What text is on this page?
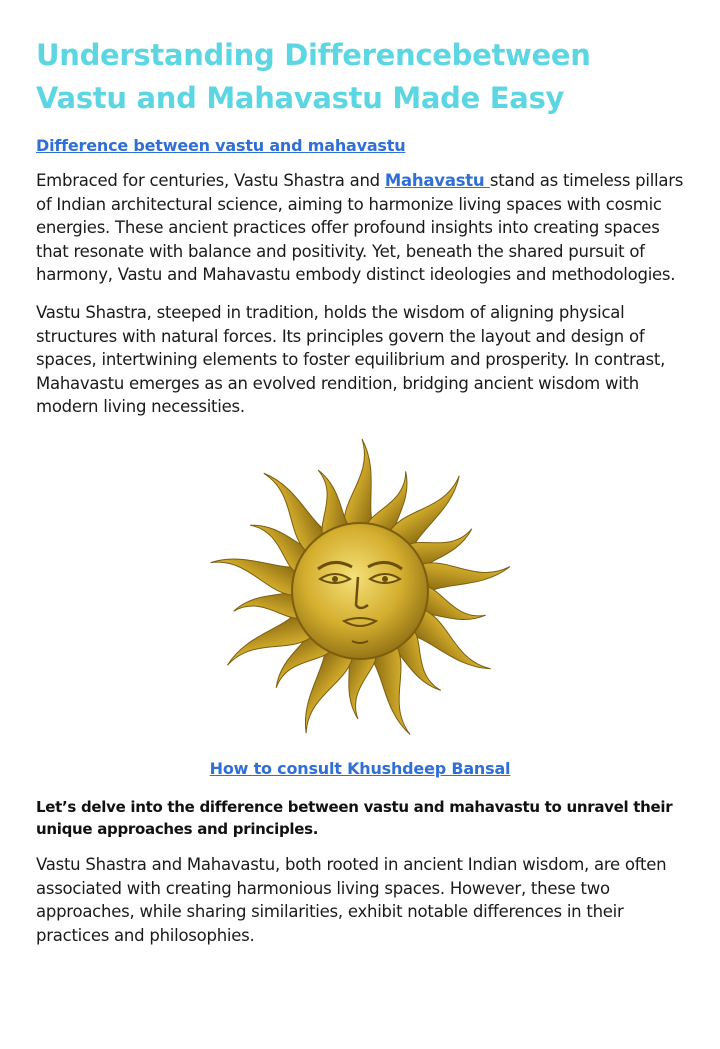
Understanding Differencebetween Vastu and Mahavastu Made Easy
Difference between vastu and mahavastu

Embraced for centuries, Vastu Shastra and Mahavastu stand as timeless pillars of Indian architectural science, aiming to harmonize living spaces with cosmic energies. These ancient practices offer profound insights into creating spaces that resonate with balance and positivity. Yet, beneath the shared pursuit of harmony, Vastu and Mahavastu embody distinct ideologies and methodologies.

Vastu Shastra, steeped in tradition, holds the wisdom of aligning physical structures with natural forces. Its principles govern the layout and design of spaces, intertwining elements to foster equilibrium and prosperity. In contrast, Mahavastu emerges as an evolved rendition, bridging ancient wisdom with modern living necessities.

How to consult Khushdeep Bansal

Let’s delve into the difference between vastu and mahavastu to unravel their unique approaches and principles.

Vastu Shastra and Mahavastu, both rooted in ancient Indian wisdom, are often associated with creating harmonious living spaces. However, these two approaches, while sharing similarities, exhibit notable differences in their practices and philosophies.
